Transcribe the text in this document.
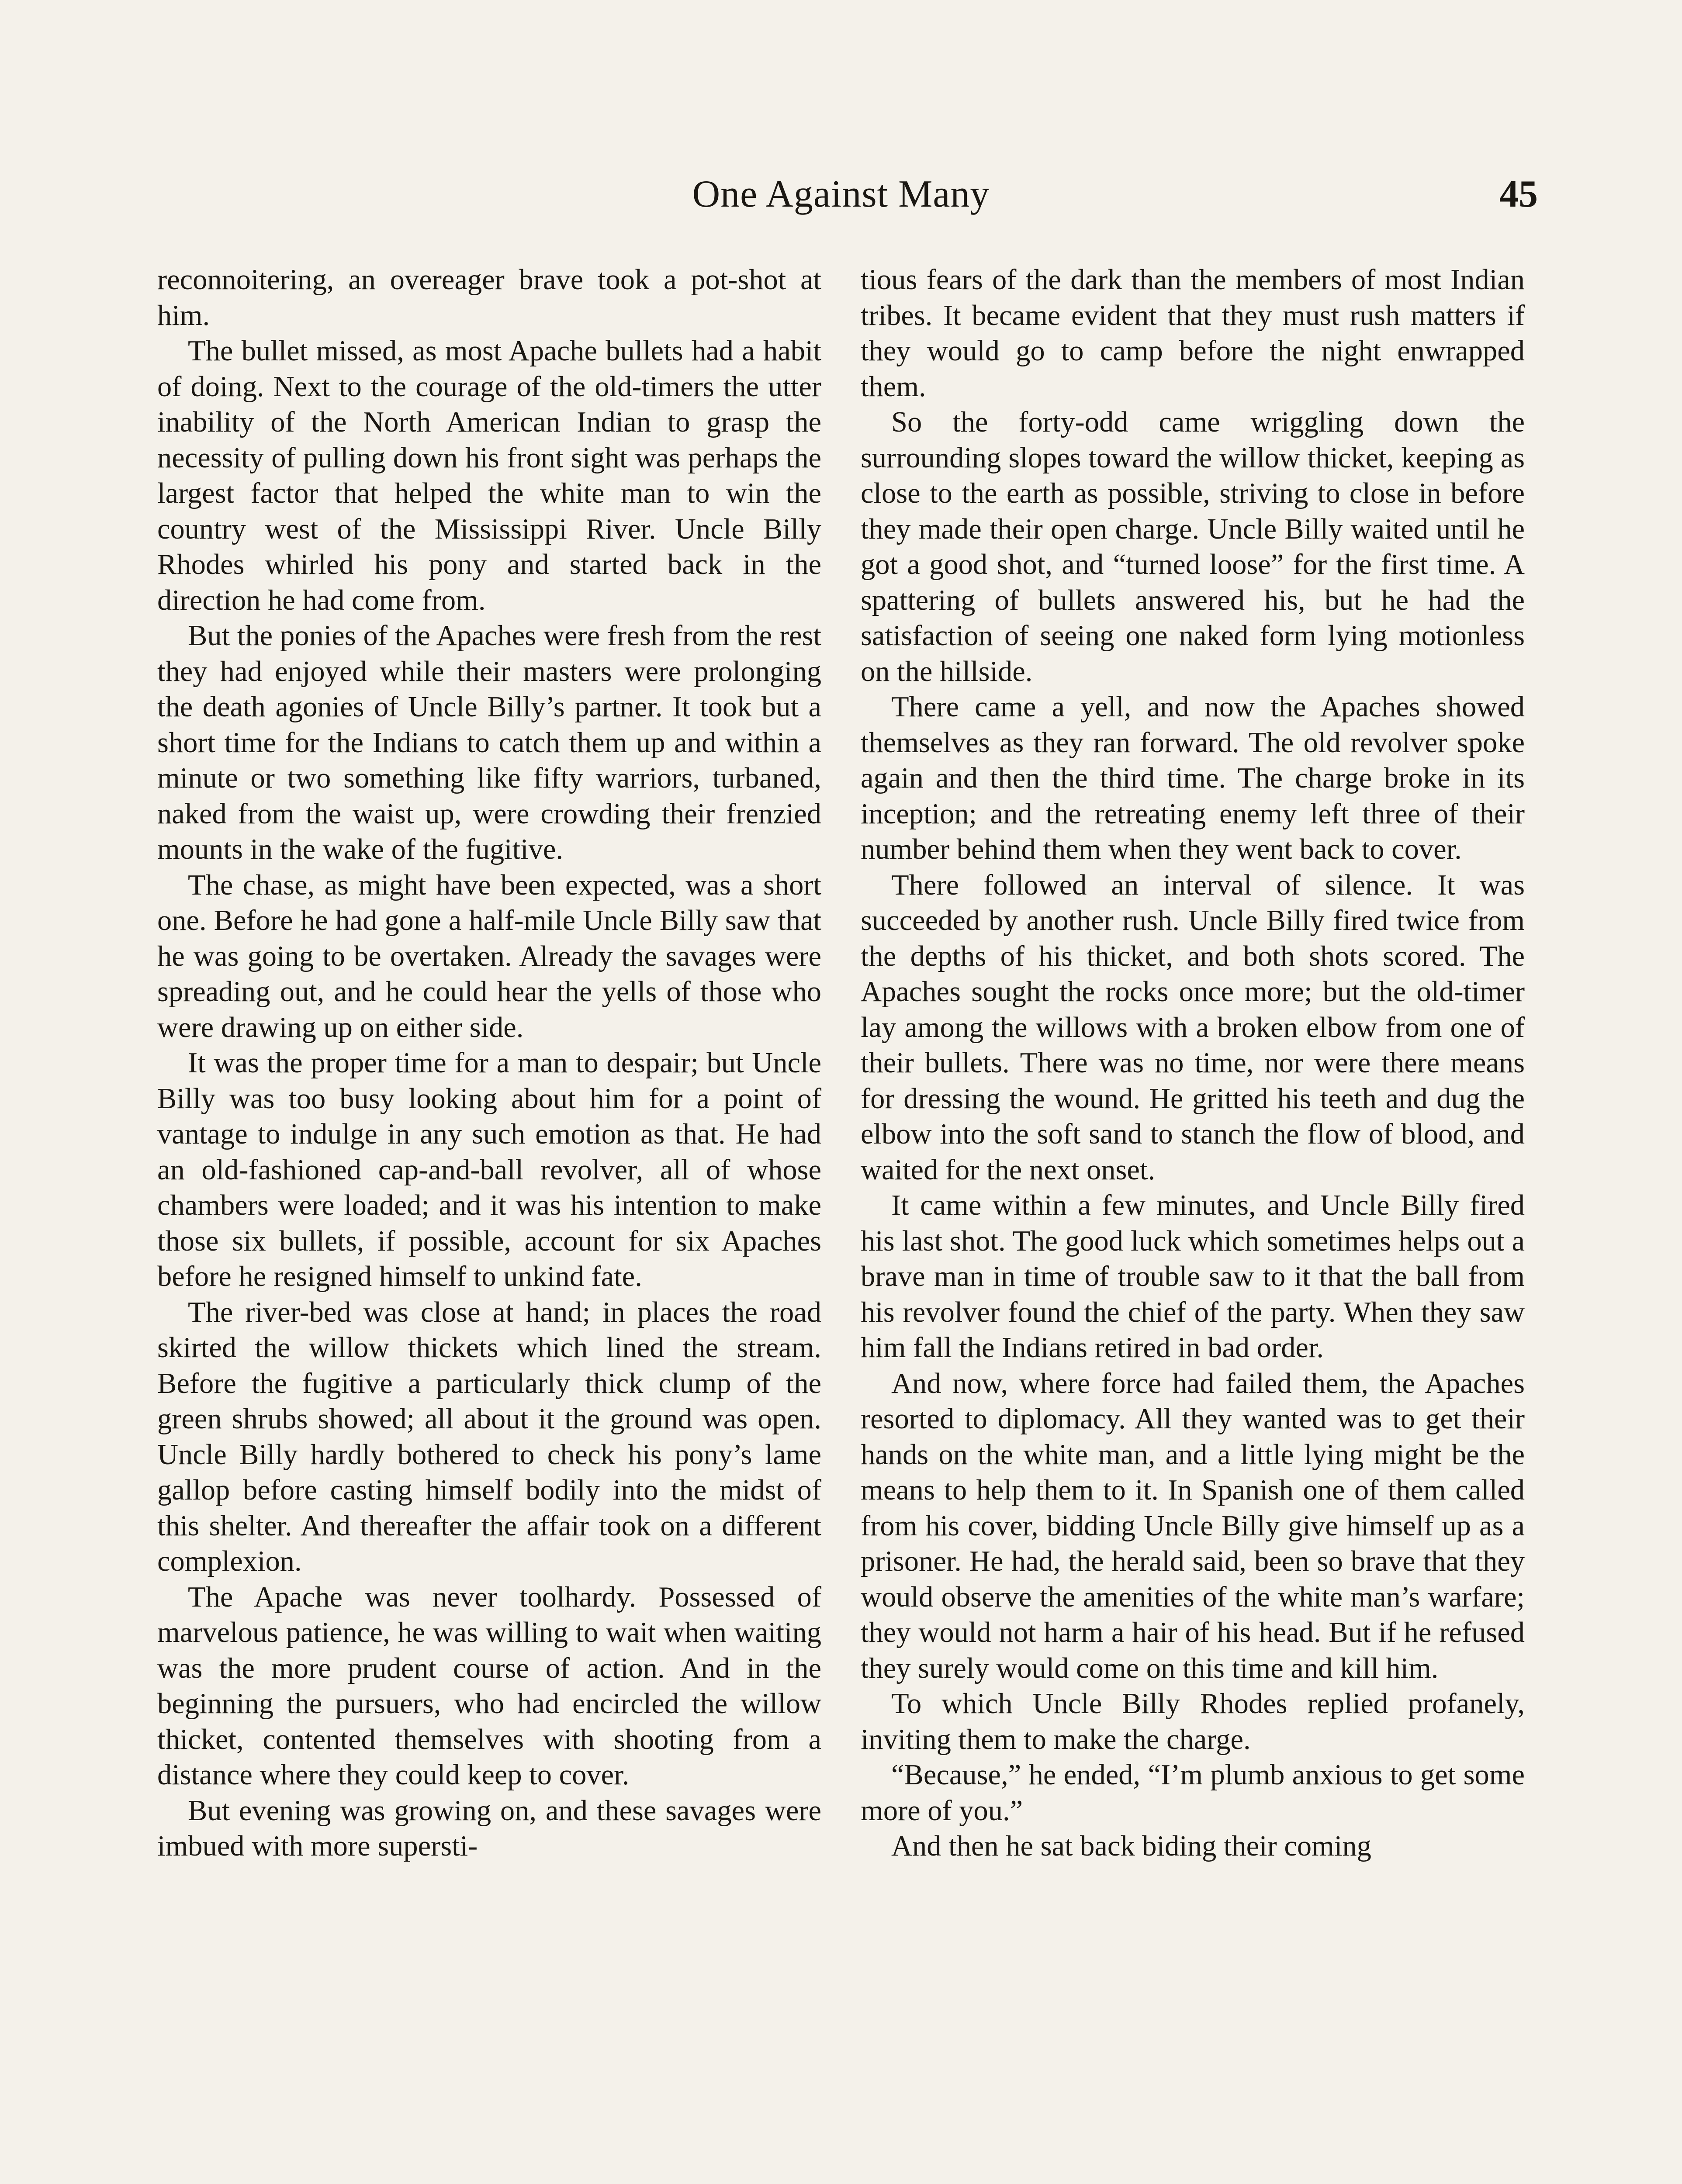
One Against Many	45

reconnoitering, an overeager brave took a pot-shot at him.

The bullet missed, as most Apache bullets had a habit of doing. Next to the courage of the old-timers the utter inability of the North American Indian to grasp the necessity of pulling down his front sight was perhaps the largest factor that helped the white man to win the country west of the Mississippi River. Uncle Billy Rhodes whirled his pony and started back in the direction he had come from.

But the ponies of the Apaches were fresh from the rest they had enjoyed while their masters were prolonging the death agonies of Uncle Billy’s partner. It took but a short time for the Indians to catch them up and within a minute or two something like fifty warriors, turbaned, naked from the waist up, were crowding their frenzied mounts in the wake of the fugitive.

The chase, as might have been expected, was a short one. Before he had gone a half-mile Uncle Billy saw that he was going to be overtaken. Already the savages were spreading out, and he could hear the yells of those who were drawing up on either side.

It was the proper time for a man to despair; but Uncle Billy was too busy looking about him for a point of vantage to indulge in any such emotion as that. He had an old-fashioned cap-and-ball revolver, all of whose chambers were loaded; and it was his intention to make those six bullets, if possible, account for six Apaches before he resigned himself to unkind fate.

The river-bed was close at hand; in places the road skirted the willow thickets which lined the stream. Before the fugitive a particularly thick clump of the green shrubs showed; all about it the ground was open. Uncle Billy hardly bothered to check his pony’s lame gallop before casting himself bodily into the midst of this shelter. And thereafter the affair took on a different complexion.

The Apache was never toolhardy. Possessed of marvelous patience, he was willing to wait when waiting was the more prudent course of action. And in the beginning the pursuers, who had encircled the willow thicket, contented themselves with shooting from a distance where they could keep to cover.

But evening was growing on, and these savages were imbued with more supersti-

tious fears of the dark than the members of most Indian tribes. It became evident that they must rush matters if they would go to camp before the night enwrapped them.

So the forty-odd came wriggling down the surrounding slopes toward the willow thicket, keeping as close to the earth as possible, striving to close in before they made their open charge. Uncle Billy waited until he got a good shot, and “turned loose” for the first time. A spattering of bullets answered his, but he had the satisfaction of seeing one naked form lying motionless on the hillside.

There came a yell, and now the Apaches showed themselves as they ran forward. The old revolver spoke again and then the third time. The charge broke in its inception; and the retreating enemy left three of their number behind them when they went back to cover.

There followed an interval of silence. It was succeeded by another rush. Uncle Billy fired twice from the depths of his thicket, and both shots scored. The Apaches sought the rocks once more; but the old-timer lay among the willows with a broken elbow from one of their bullets. There was no time, nor were there means for dressing the wound. He gritted his teeth and dug the elbow into the soft sand to stanch the flow of blood, and waited for the next onset.

It came within a few minutes, and Uncle Billy fired his last shot. The good luck which sometimes helps out a brave man in time of trouble saw to it that the ball from his revolver found the chief of the party. When they saw him fall the Indians retired in bad order.

And now, where force had failed them, the Apaches resorted to diplomacy. All they wanted was to get their hands on the white man, and a little lying might be the means to help them to it. In Spanish one of them called from his cover, bidding Uncle Billy give himself up as a prisoner. He had, the herald said, been so brave that they would observe the amenities of the white man’s warfare; they would not harm a hair of his head. But if he refused they surely would come on this time and kill him.

To which Uncle Billy Rhodes replied profanely, inviting them to make the charge.

“Because,” he ended, “I’m plumb anxious to get some more of you.”

And then he sat back biding their coming
